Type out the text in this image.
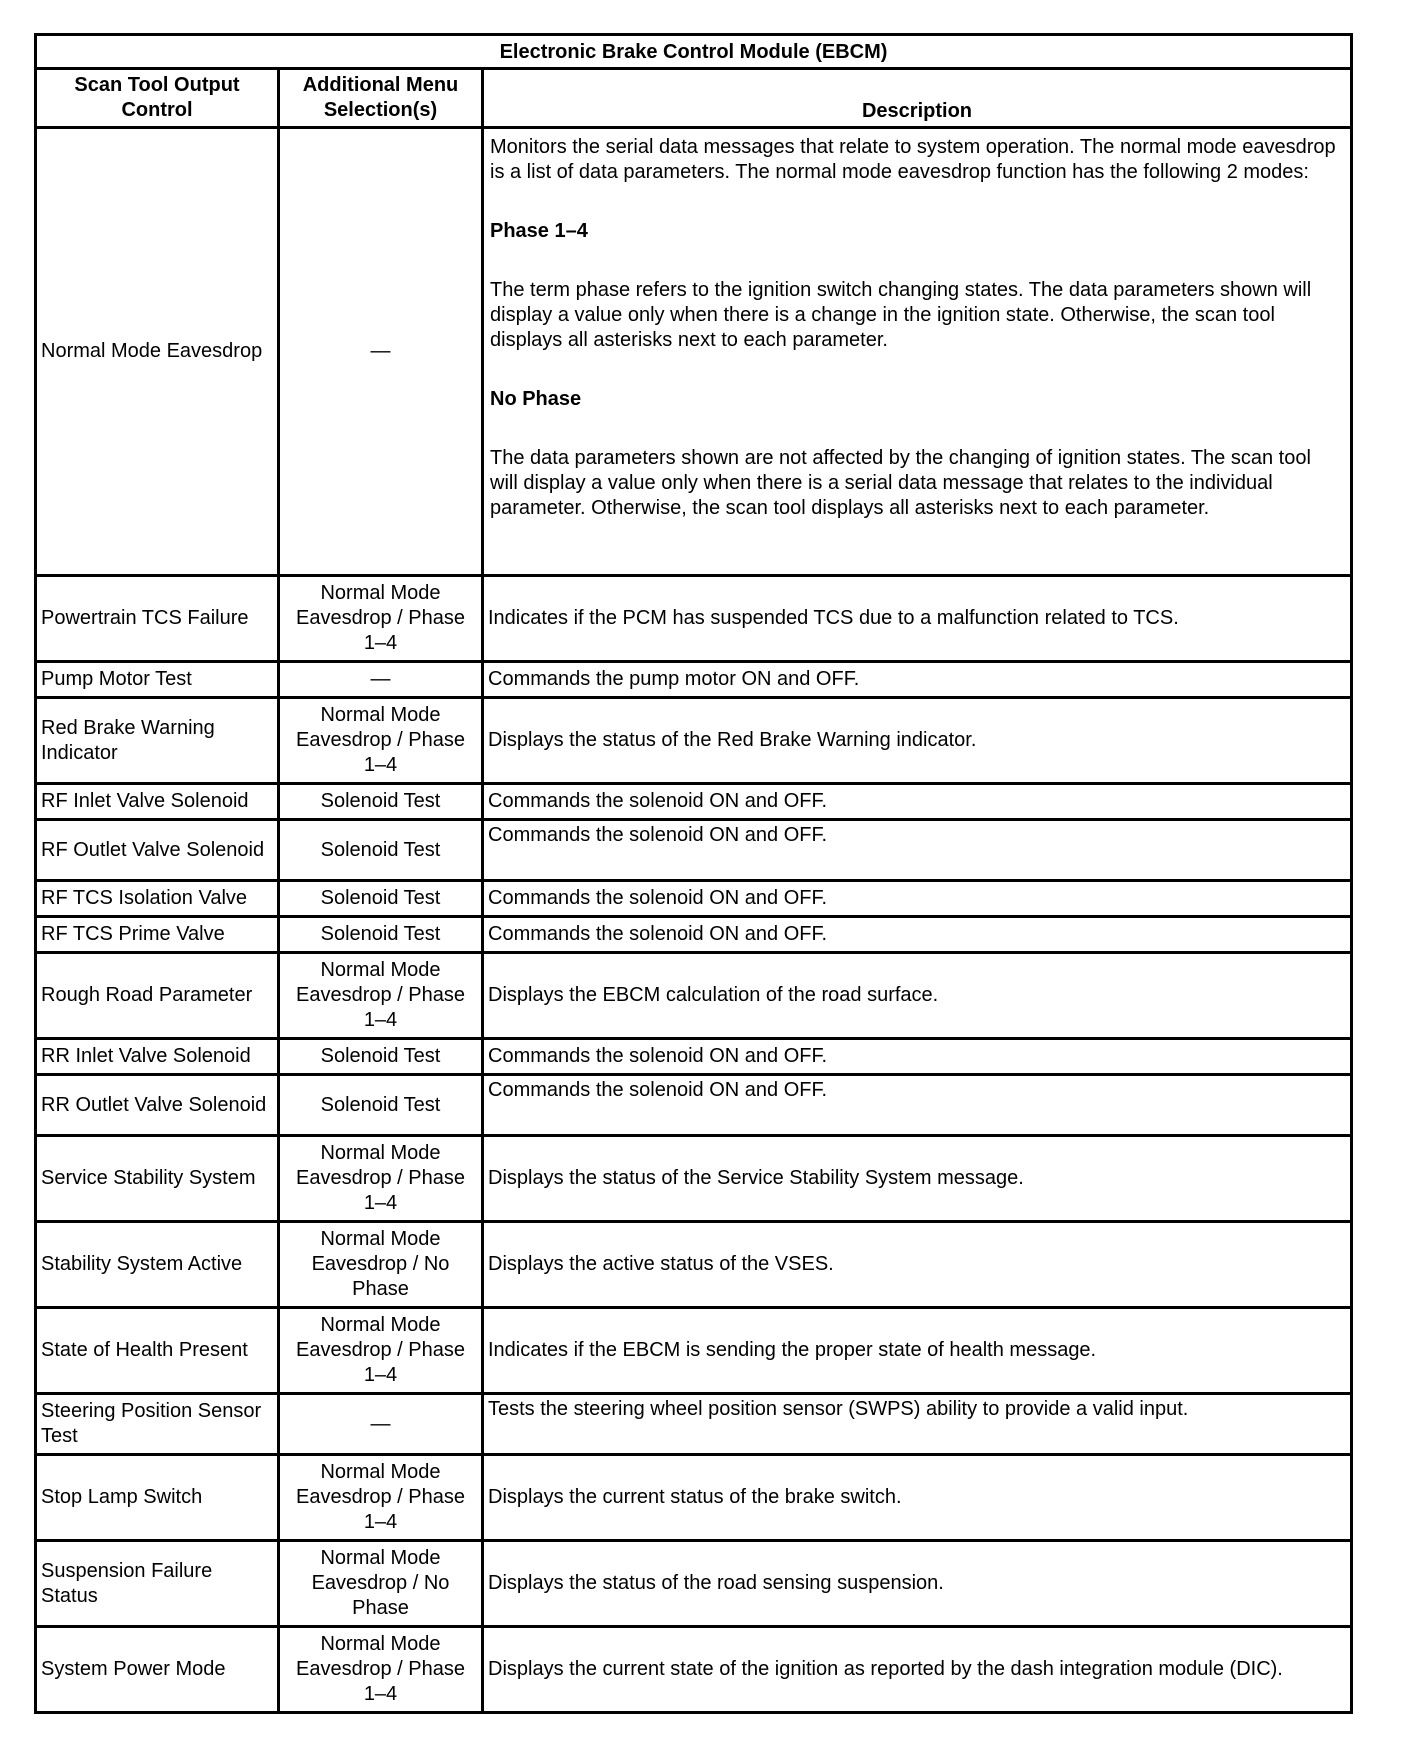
Electronic Brake Control Module (EBCM)		
Scan Tool Output Control	Additional Menu Selection(s)	Description
Normal Mode Eavesdrop	—	Monitors the serial data messages that relate to system operation. The normal mode eavesdrop is a list of data parameters. The normal mode eavesdrop function has the following 2 modes:

Phase 1–4

The term phase refers to the ignition switch changing states. The data parameters shown will display a value only when there is a change in the ignition state. Otherwise, the scan tool displays all asterisks next to each parameter.

No Phase

The data parameters shown are not affected by the changing of ignition states. The scan tool will display a value only when there is a serial data message that relates to the individual parameter. Otherwise, the scan tool displays all asterisks next to each parameter.

Powertrain TCS Failure	Normal Mode Eavesdrop / Phase 1–4	Indicates if the PCM has suspended TCS due to a malfunction related to TCS.
Pump Motor Test	—	Commands the pump motor ON and OFF.
Red Brake Warning Indicator	Normal Mode Eavesdrop / Phase 1–4	Displays the status of the Red Brake Warning indicator.
RF Inlet Valve Solenoid	Solenoid Test	Commands the solenoid ON and OFF.
RF Outlet Valve Solenoid	Solenoid Test	Commands the solenoid ON and OFF.
RF TCS Isolation Valve	Solenoid Test	Commands the solenoid ON and OFF.
RF TCS Prime Valve	Solenoid Test	Commands the solenoid ON and OFF.
Rough Road Parameter	Normal Mode Eavesdrop / Phase 1–4	Displays the EBCM calculation of the road surface.
RR Inlet Valve Solenoid	Solenoid Test	Commands the solenoid ON and OFF.
RR Outlet Valve Solenoid	Solenoid Test	Commands the solenoid ON and OFF.
Service Stability System	Normal Mode Eavesdrop / Phase 1–4	Displays the status of the Service Stability System message.
Stability System Active	Normal Mode Eavesdrop / No Phase	Displays the active status of the VSES.
State of Health Present	Normal Mode Eavesdrop / Phase 1–4	Indicates if the EBCM is sending the proper state of health message.
Steering Position Sensor Test	—	Tests the steering wheel position sensor (SWPS) ability to provide a valid input.
Stop Lamp Switch	Normal Mode Eavesdrop / Phase 1–4	Displays the current status of the brake switch.
Suspension Failure Status	Normal Mode Eavesdrop / No Phase	Displays the status of the road sensing suspension.
System Power Mode	Normal Mode Eavesdrop / Phase 1–4	Displays the current state of the ignition as reported by the dash integration module (DIC).
